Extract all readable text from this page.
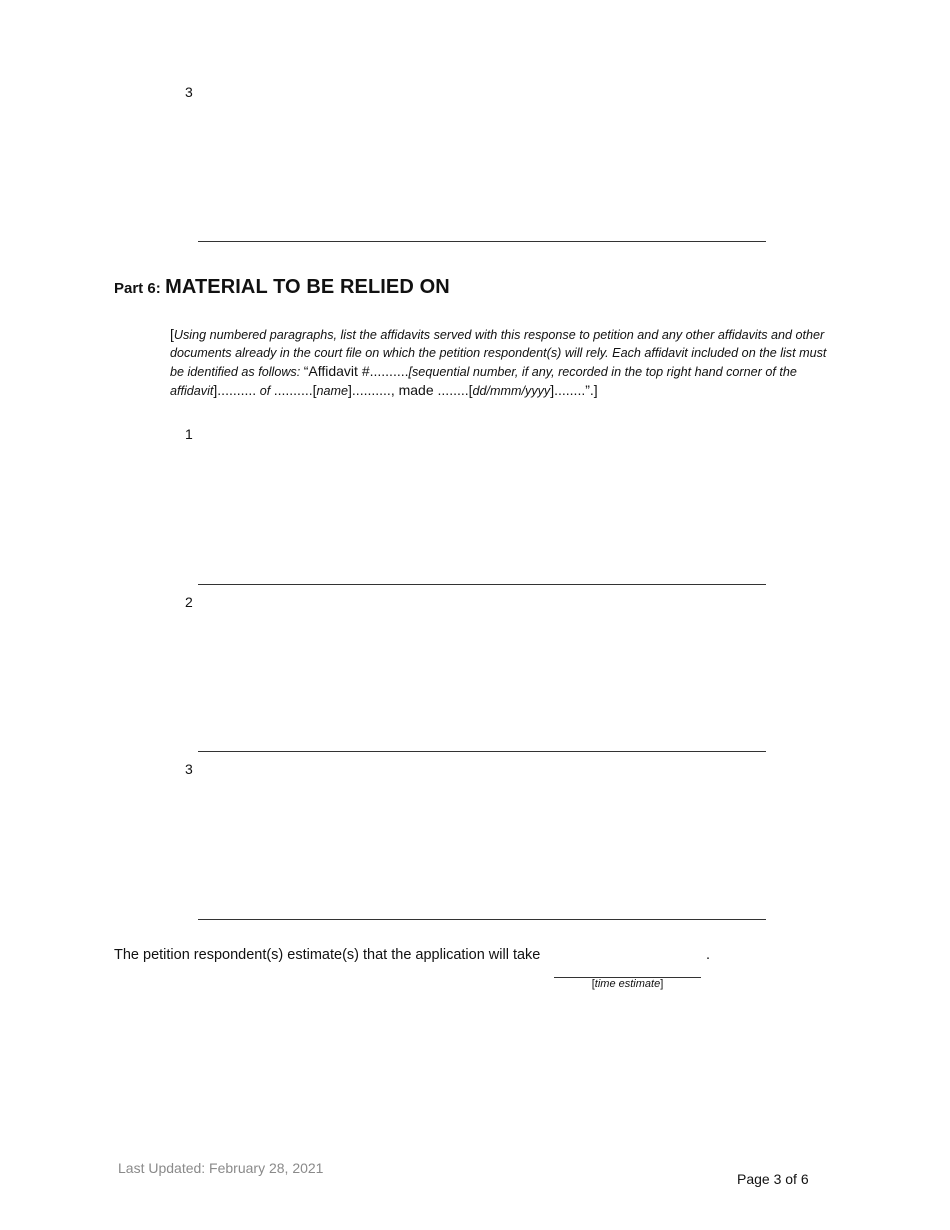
3
Part 6: MATERIAL TO BE RELIED ON
[Using numbered paragraphs, list the affidavits served with this response to petition and any other affidavits and other documents already in the court file on which the petition respondent(s) will rely. Each affidavit included on the list must be identified as follows: “Affidavit #..........[sequential number, if any, recorded in the top right hand corner of the affidavit].......... of ..........[name].........., made ........[dd/mmm/yyyy]........”.]
1
2
3
The petition respondent(s) estimate(s) that the application will take	.
[time estimate]
Last Updated: February 28, 2021
Page 3 of 6
